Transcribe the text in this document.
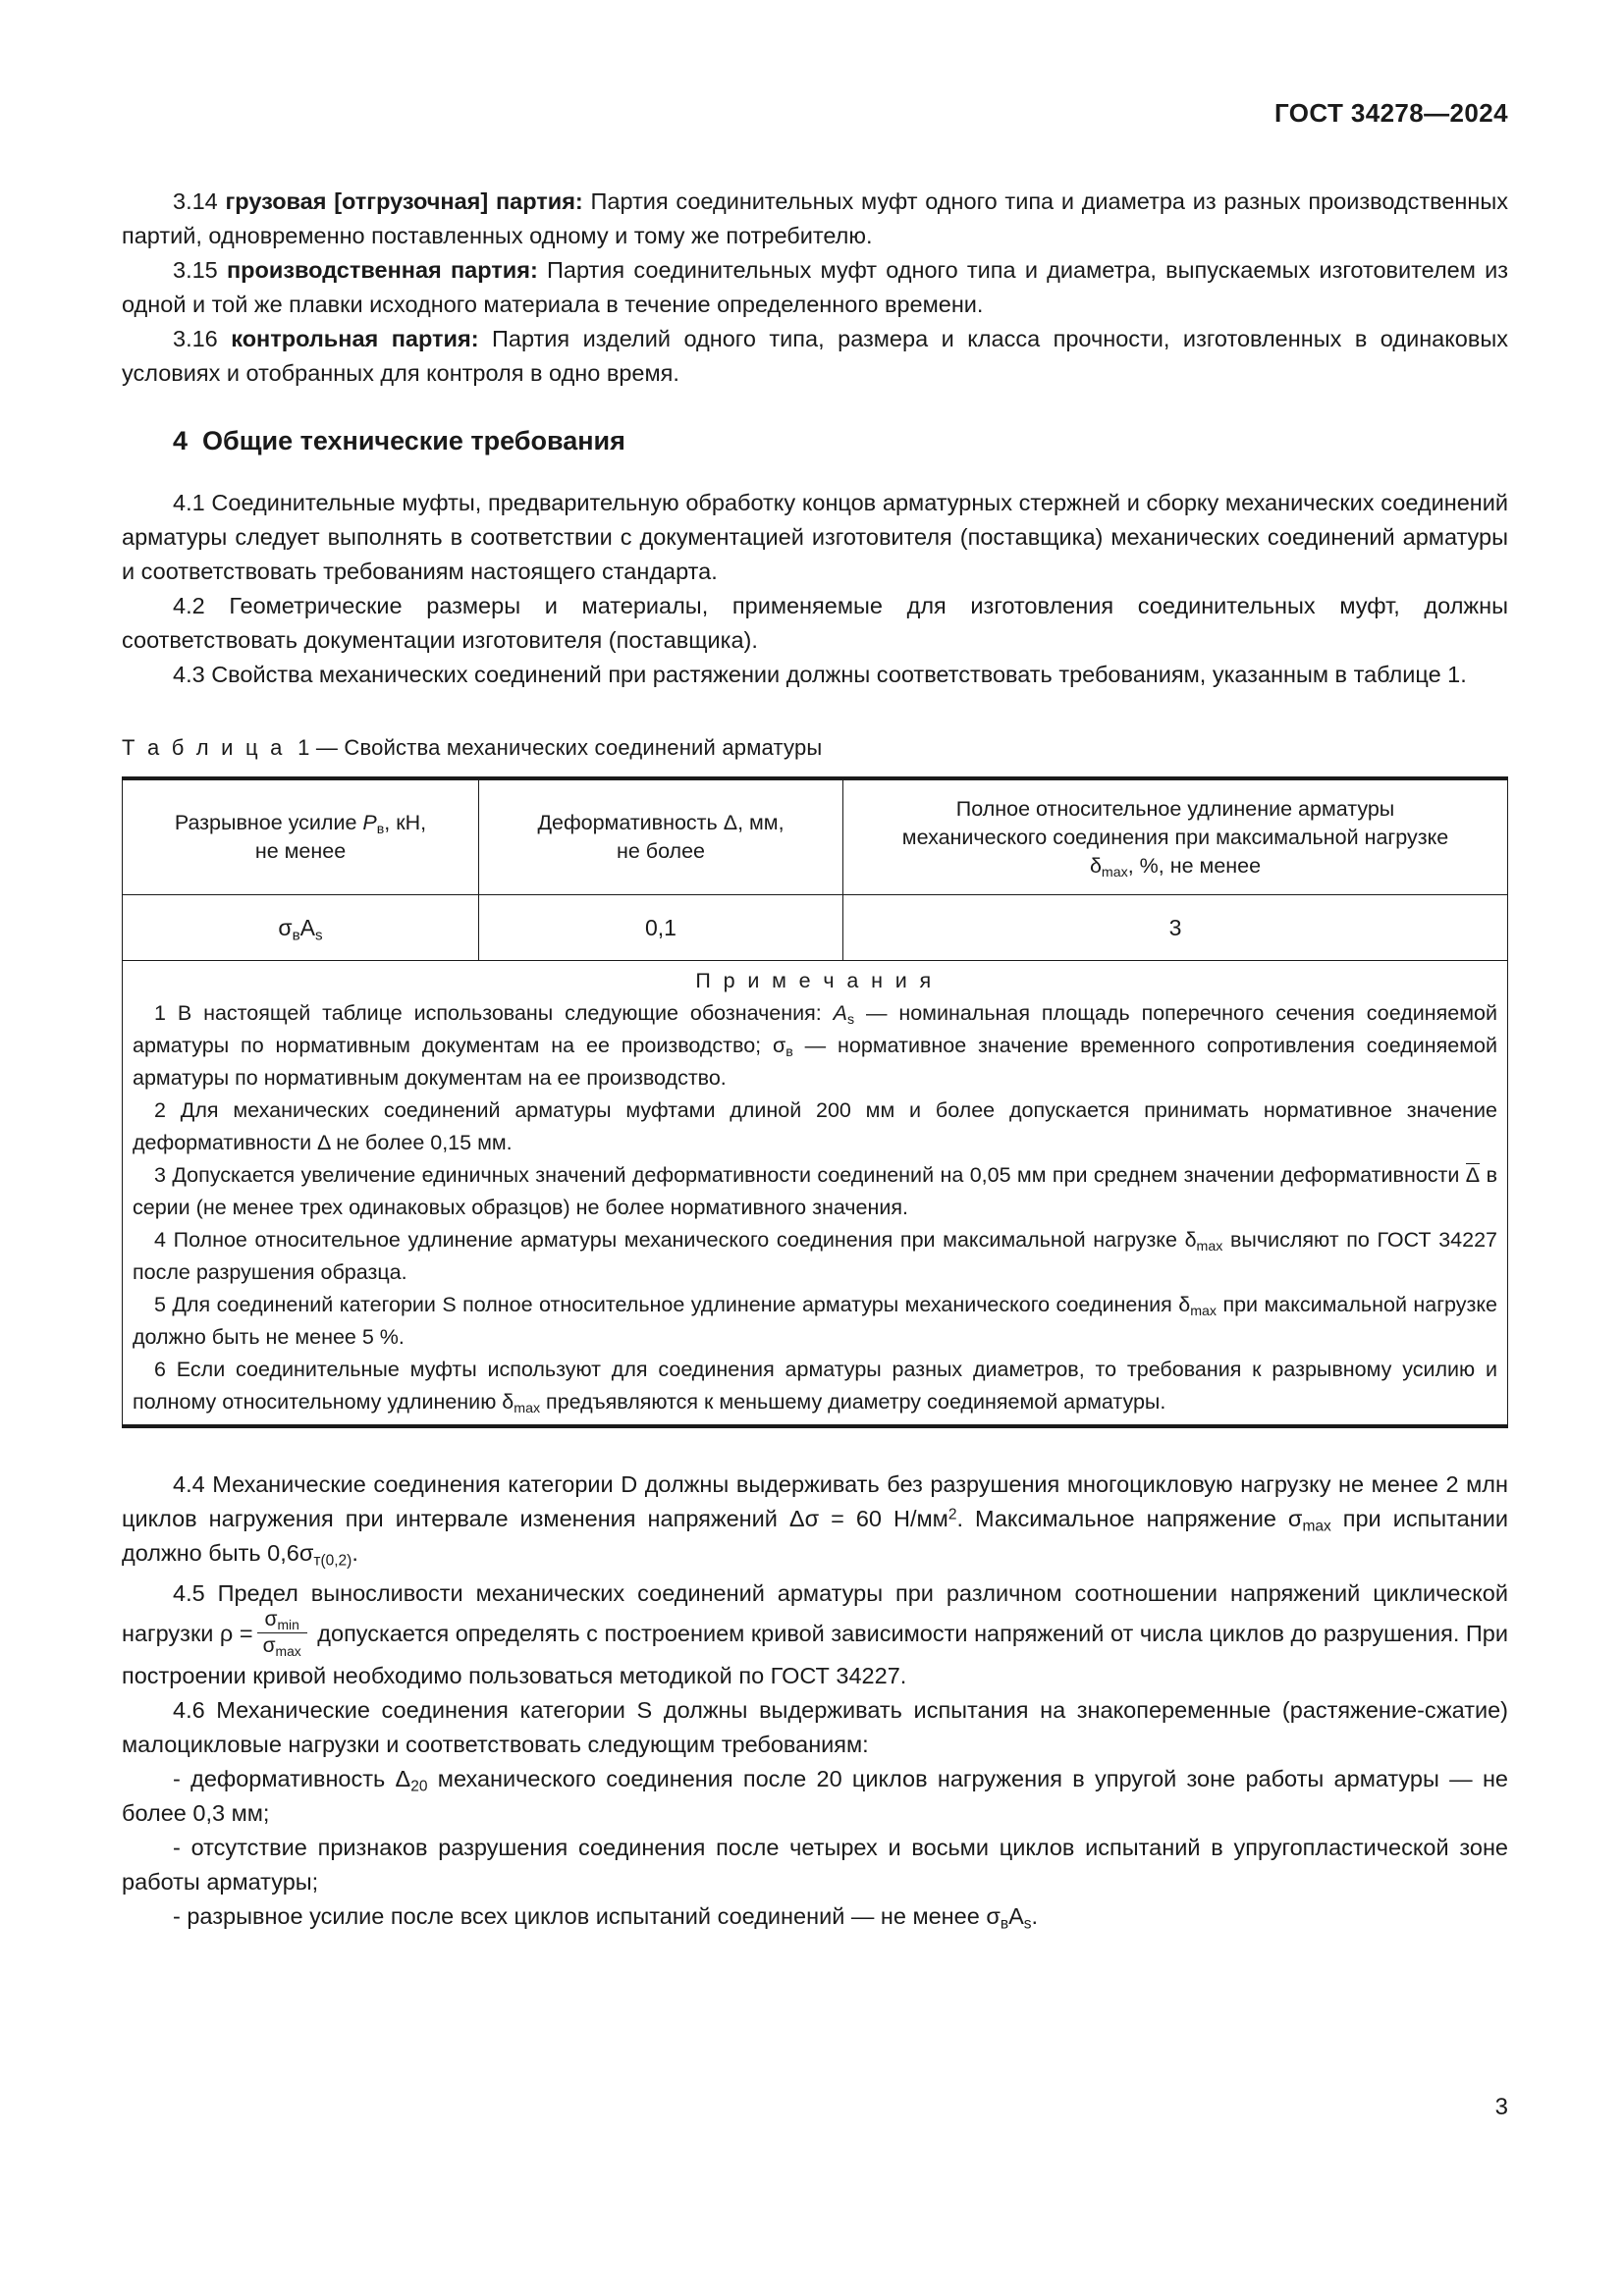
ГОСТ 34278—2024

3.14 грузовая [отгрузочная] партия: Партия соединительных муфт одного типа и диаметра из разных производственных партий, одновременно поставленных одному и тому же потребителю.

3.15 производственная партия: Партия соединительных муфт одного типа и диаметра, выпускаемых изготовителем из одной и той же плавки исходного материала в течение определенного времени.

3.16 контрольная партия: Партия изделий одного типа, размера и класса прочности, изготовленных в одинаковых условиях и отобранных для контроля в одно время.

4 Общие технические требования

4.1 Соединительные муфты, предварительную обработку концов арматурных стержней и сборку механических соединений арматуры следует выполнять в соответствии с документацией изготовителя (поставщика) механических соединений арматуры и соответствовать требованиям настоящего стандарта.

4.2 Геометрические размеры и материалы, применяемые для изготовления соединительных муфт, должны соответствовать документации изготовителя (поставщика).

4.3 Свойства механических соединений при растяжении должны соответствовать требованиям, указанным в таблице 1.

Т а б л и ц а 1 — Свойства механических соединений арматуры
Разрывное усилие $P_в$, кН,
не менее	Деформативность Δ, мм,
не более	Полное относительное удлинение арматуры
механического соединения при максимальной нагрузке
$\delta_{max}$, %, не менее
$\sigma_вA_s$	0,1	3

П р и м е ч а н и я

1 В настоящей таблице использованы следующие обозначения: $A_s$ — номинальная площадь поперечного сечения соединяемой арматуры по нормативным документам на ее производство; $\sigma_в$ — нормативное значение временного сопротивления соединяемой арматуры по нормативным документам на ее производство.

2 Для механических соединений арматуры муфтами длиной 200 мм и более допускается принимать нормативное значение деформативности Δ не более 0,15 мм.

3 Допускается увеличение единичных значений деформативности соединений на 0,05 мм при среднем значении деформативности Δ в серии (не менее трех одинаковых образцов) не более нормативного значения.

4 Полное относительное удлинение арматуры механического соединения при максимальной нагрузке $\delta_{max}$ вычисляют по ГОСТ 34227 после разрушения образца.

5 Для соединений категории S полное относительное удлинение арматуры механического соединения $\delta_{max}$ при максимальной нагрузке должно быть не менее 5 %.

6 Если соединительные муфты используют для соединения арматуры разных диаметров, то требования к разрывному усилию и полному относительному удлинению $\delta_{max}$ предъявляются к меньшему диаметру соединяемой арматуры.

4.4 Механические соединения категории D должны выдерживать без разрушения многоцикловую нагрузку не менее 2 млн циклов нагружения при интервале изменения напряжений Δσ = 60 $Н/мм^2$. Максимальное напряжение $\sigma_{max}$ при испытании должно быть $0,6\sigma_{т(0,2)}$.

4.5 Предел выносливости механических соединений арматуры при различном соотношении напряжений циклической нагрузки $\rho = \frac{\sigma_{min}}{\sigma_{max}}$ допускается определять с построением кривой зависимости напряжений от числа циклов до разрушения. При построении кривой необходимо пользоваться методикой по ГОСТ 34227.

4.6 Механические соединения категории S должны выдерживать испытания на знакопеременные (растяжение-сжатие) малоцикловые нагрузки и соответствовать следующим требованиям:

- деформативность $\Delta_{20}$ механического соединения после 20 циклов нагружения в упругой зоне работы арматуры — не более 0,3 мм;

- отсутствие признаков разрушения соединения после четырех и восьми циклов испытаний в упругопластической зоне работы арматуры;

- разрывное усилие после всех циклов испытаний соединений — не менее $\sigma_вA_s$.

3
